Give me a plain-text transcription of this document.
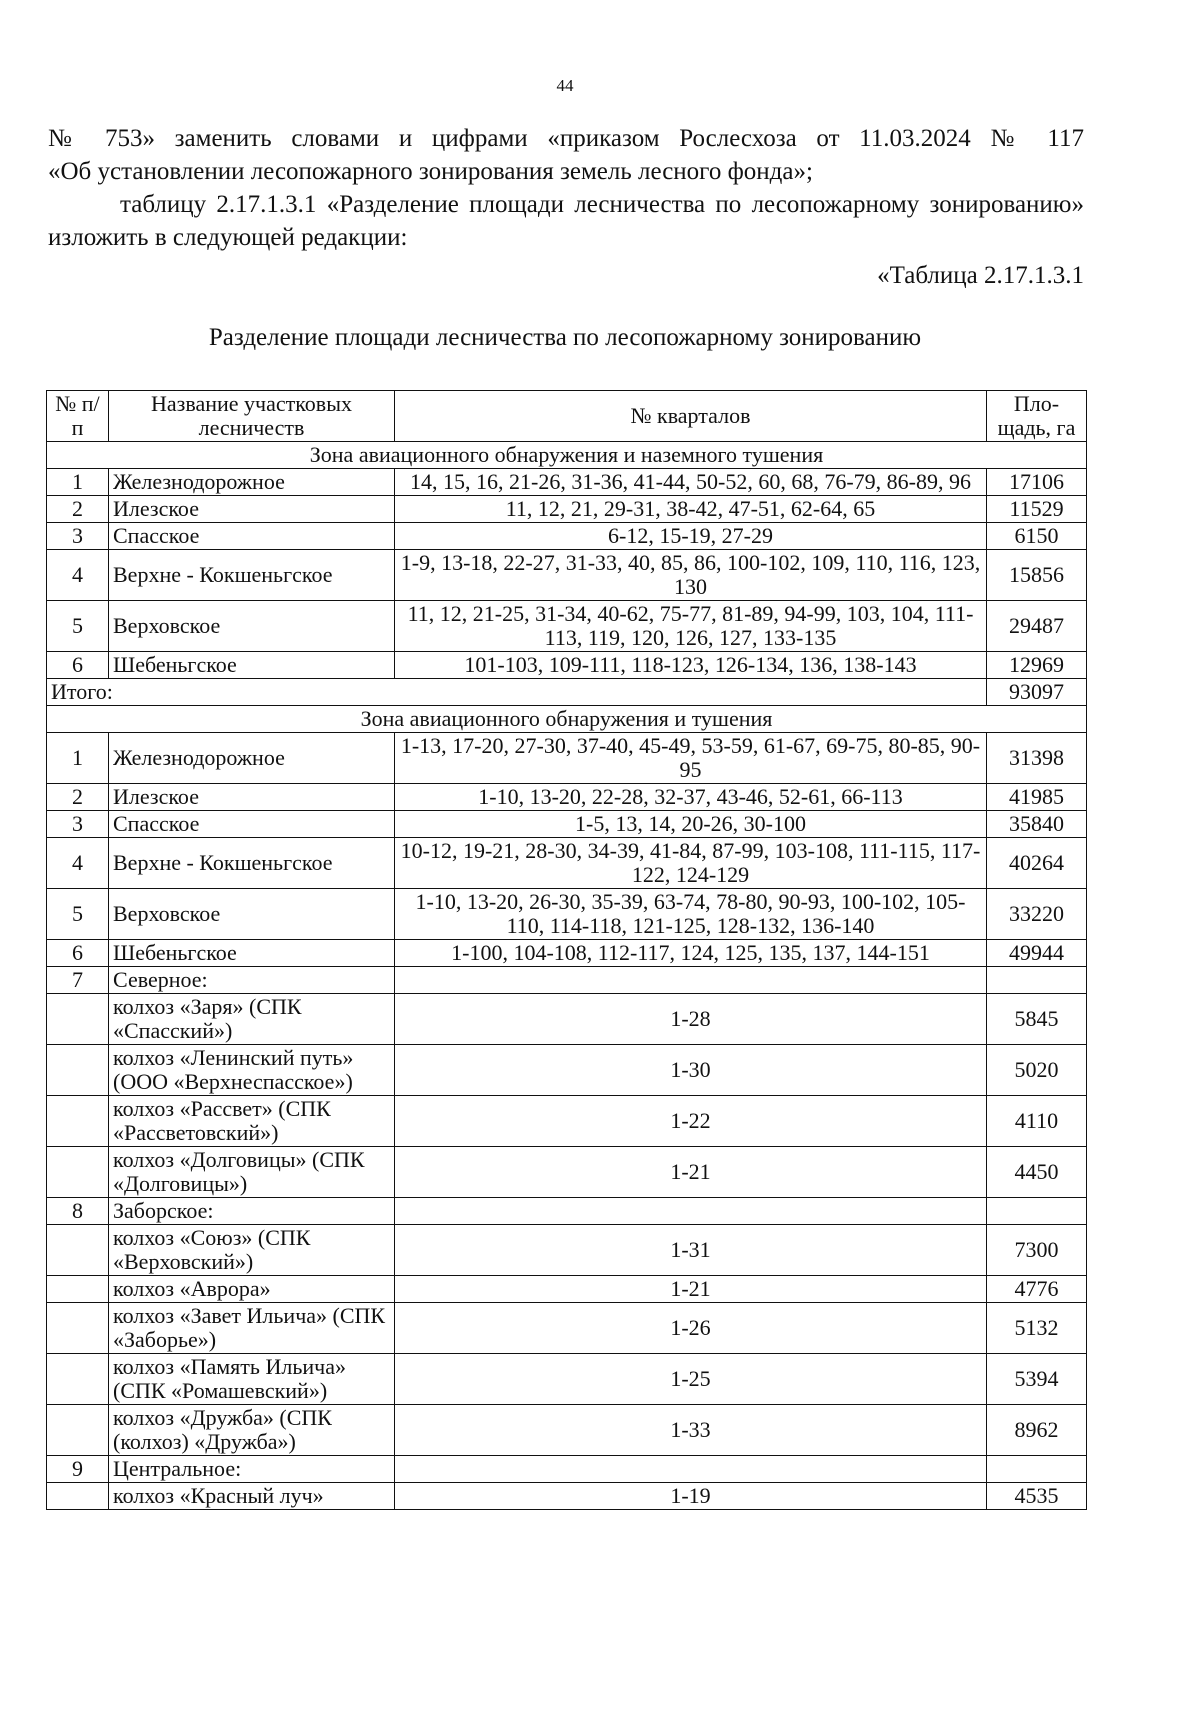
44

№ 753» заменить словами и цифрами «приказом Рослесхоза от 11.03.2024 № 117

«Об установлении лесопожарного зонирования земель лесного фонда»;

таблицу 2.17.1.3.1 «Разделение площади лесничества по лесопожарному зонированию» изложить в следующей редакции:

«Таблица 2.17.1.3.1
Разделение площади лесничества по лесопожарному зонированию
№ п/п	Название участковых лесничеств	№ кварталов	Пло-щадь, га
Зона авиационного обнаружения и наземного тушения			
1	Железнодорожное	14, 15, 16, 21-26, 31-36, 41-44, 50-52, 60, 68, 76-79, 86-89, 96	17106
2	Илезское	11, 12, 21, 29-31, 38-42, 47-51, 62-64, 65	11529
3	Спасское	6-12, 15-19, 27-29	6150
4	Верхне - Кокшеньгское	1-9, 13-18, 22-27, 31-33, 40, 85, 86, 100-102, 109, 110, 116, 123, 130	15856
5	Верховское	11, 12, 21-25, 31-34, 40-62, 75-77, 81-89, 94-99, 103, 104, 111-113, 119, 120, 126, 127, 133-135	29487
6	Шебеньгское	101-103, 109-111, 118-123, 126-134, 136, 138-143	12969
Итого:			93097
Зона авиационного обнаружения и тушения			
1	Железнодорожное	1-13, 17-20, 27-30, 37-40, 45-49, 53-59, 61-67, 69-75, 80-85, 90-95	31398
2	Илезское	1-10, 13-20, 22-28, 32-37, 43-46, 52-61, 66-113	41985
3	Спасское	1-5, 13, 14, 20-26, 30-100	35840
4	Верхне - Кокшеньгское	10-12, 19-21, 28-30, 34-39, 41-84, 87-99, 103-108, 111-115, 117-122, 124-129	40264
5	Верховское	1-10, 13-20, 26-30, 35-39, 63-74, 78-80, 90-93, 100-102, 105-110, 114-118, 121-125, 128-132, 136-140	33220
6	Шебеньгское	1-100, 104-108, 112-117, 124, 125, 135, 137, 144-151	49944
7	Северное:		
	колхоз «Заря» (СПК «Спасский»)	1-28	5845
	колхоз «Ленинский путь» (ООО «Верхнеспасское»)	1-30	5020
	колхоз «Рассвет» (СПК «Рассветовский»)	1-22	4110
	колхоз «Долговицы» (СПК «Долговицы»)	1-21	4450
8	Заборское:		
	колхоз «Союз» (СПК «Верховский»)	1-31	7300
	колхоз «Аврора»	1-21	4776
	колхоз «Завет Ильича» (СПК «Заборье»)	1-26	5132
	колхоз «Память Ильича» (СПК «Ромашевский»)	1-25	5394
	колхоз «Дружба» (СПК (колхоз) «Дружба»)	1-33	8962
9	Центральное:		
	колхоз «Красный луч»	1-19	4535
